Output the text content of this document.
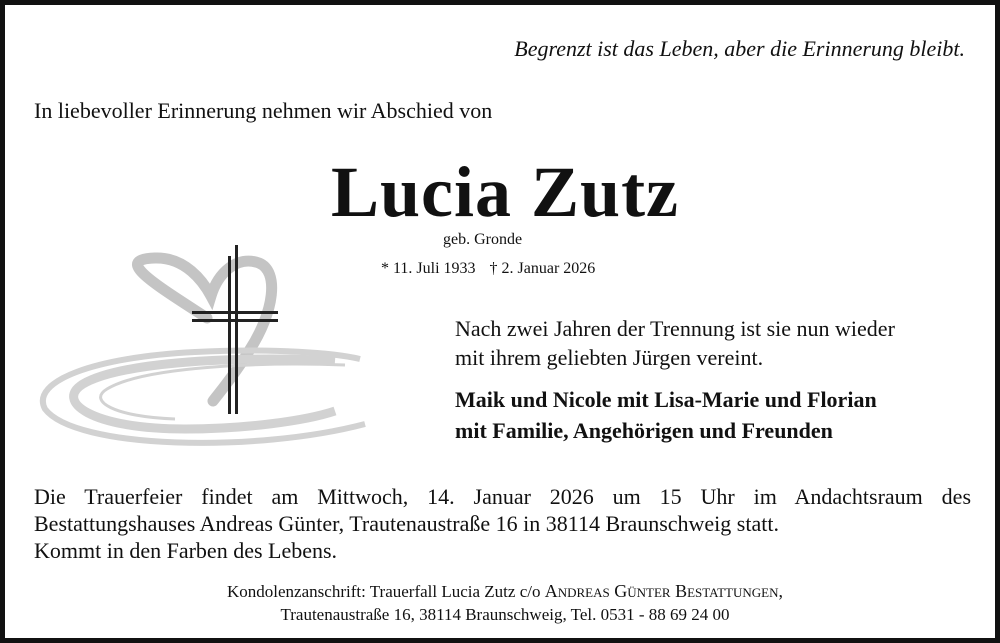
Begrenzt ist das Leben, aber die Erinnerung bleibt.

In liebevoller Erinnerung nehmen wir Abschied von

Lucia Zutz

geb. Gronde

* 11. Juli 1933 † 2. Januar 2026

Nach zwei Jahren der Trennung ist sie nun wieder
mit ihrem geliebten Jürgen vereint.
Maik und Nicole mit Lisa-Marie und Florian
mit Familie, Angehörigen und Freunden
Die Trauerfeier findet am Mittwoch, 14. Januar 2026 um 15 Uhr im Andachtsraum des
Bestattungshauses Andreas Günter, Trautenaustraße 16 in 38114 Braunschweig statt.
Kommt in den Farben des Lebens.
Kondolenzanschrift: Trauerfall Lucia Zutz c/o Andreas Günter Bestattungen,
Trautenaustraße 16, 38114 Braunschweig, Tel. 0531 - 88 69 24 00
